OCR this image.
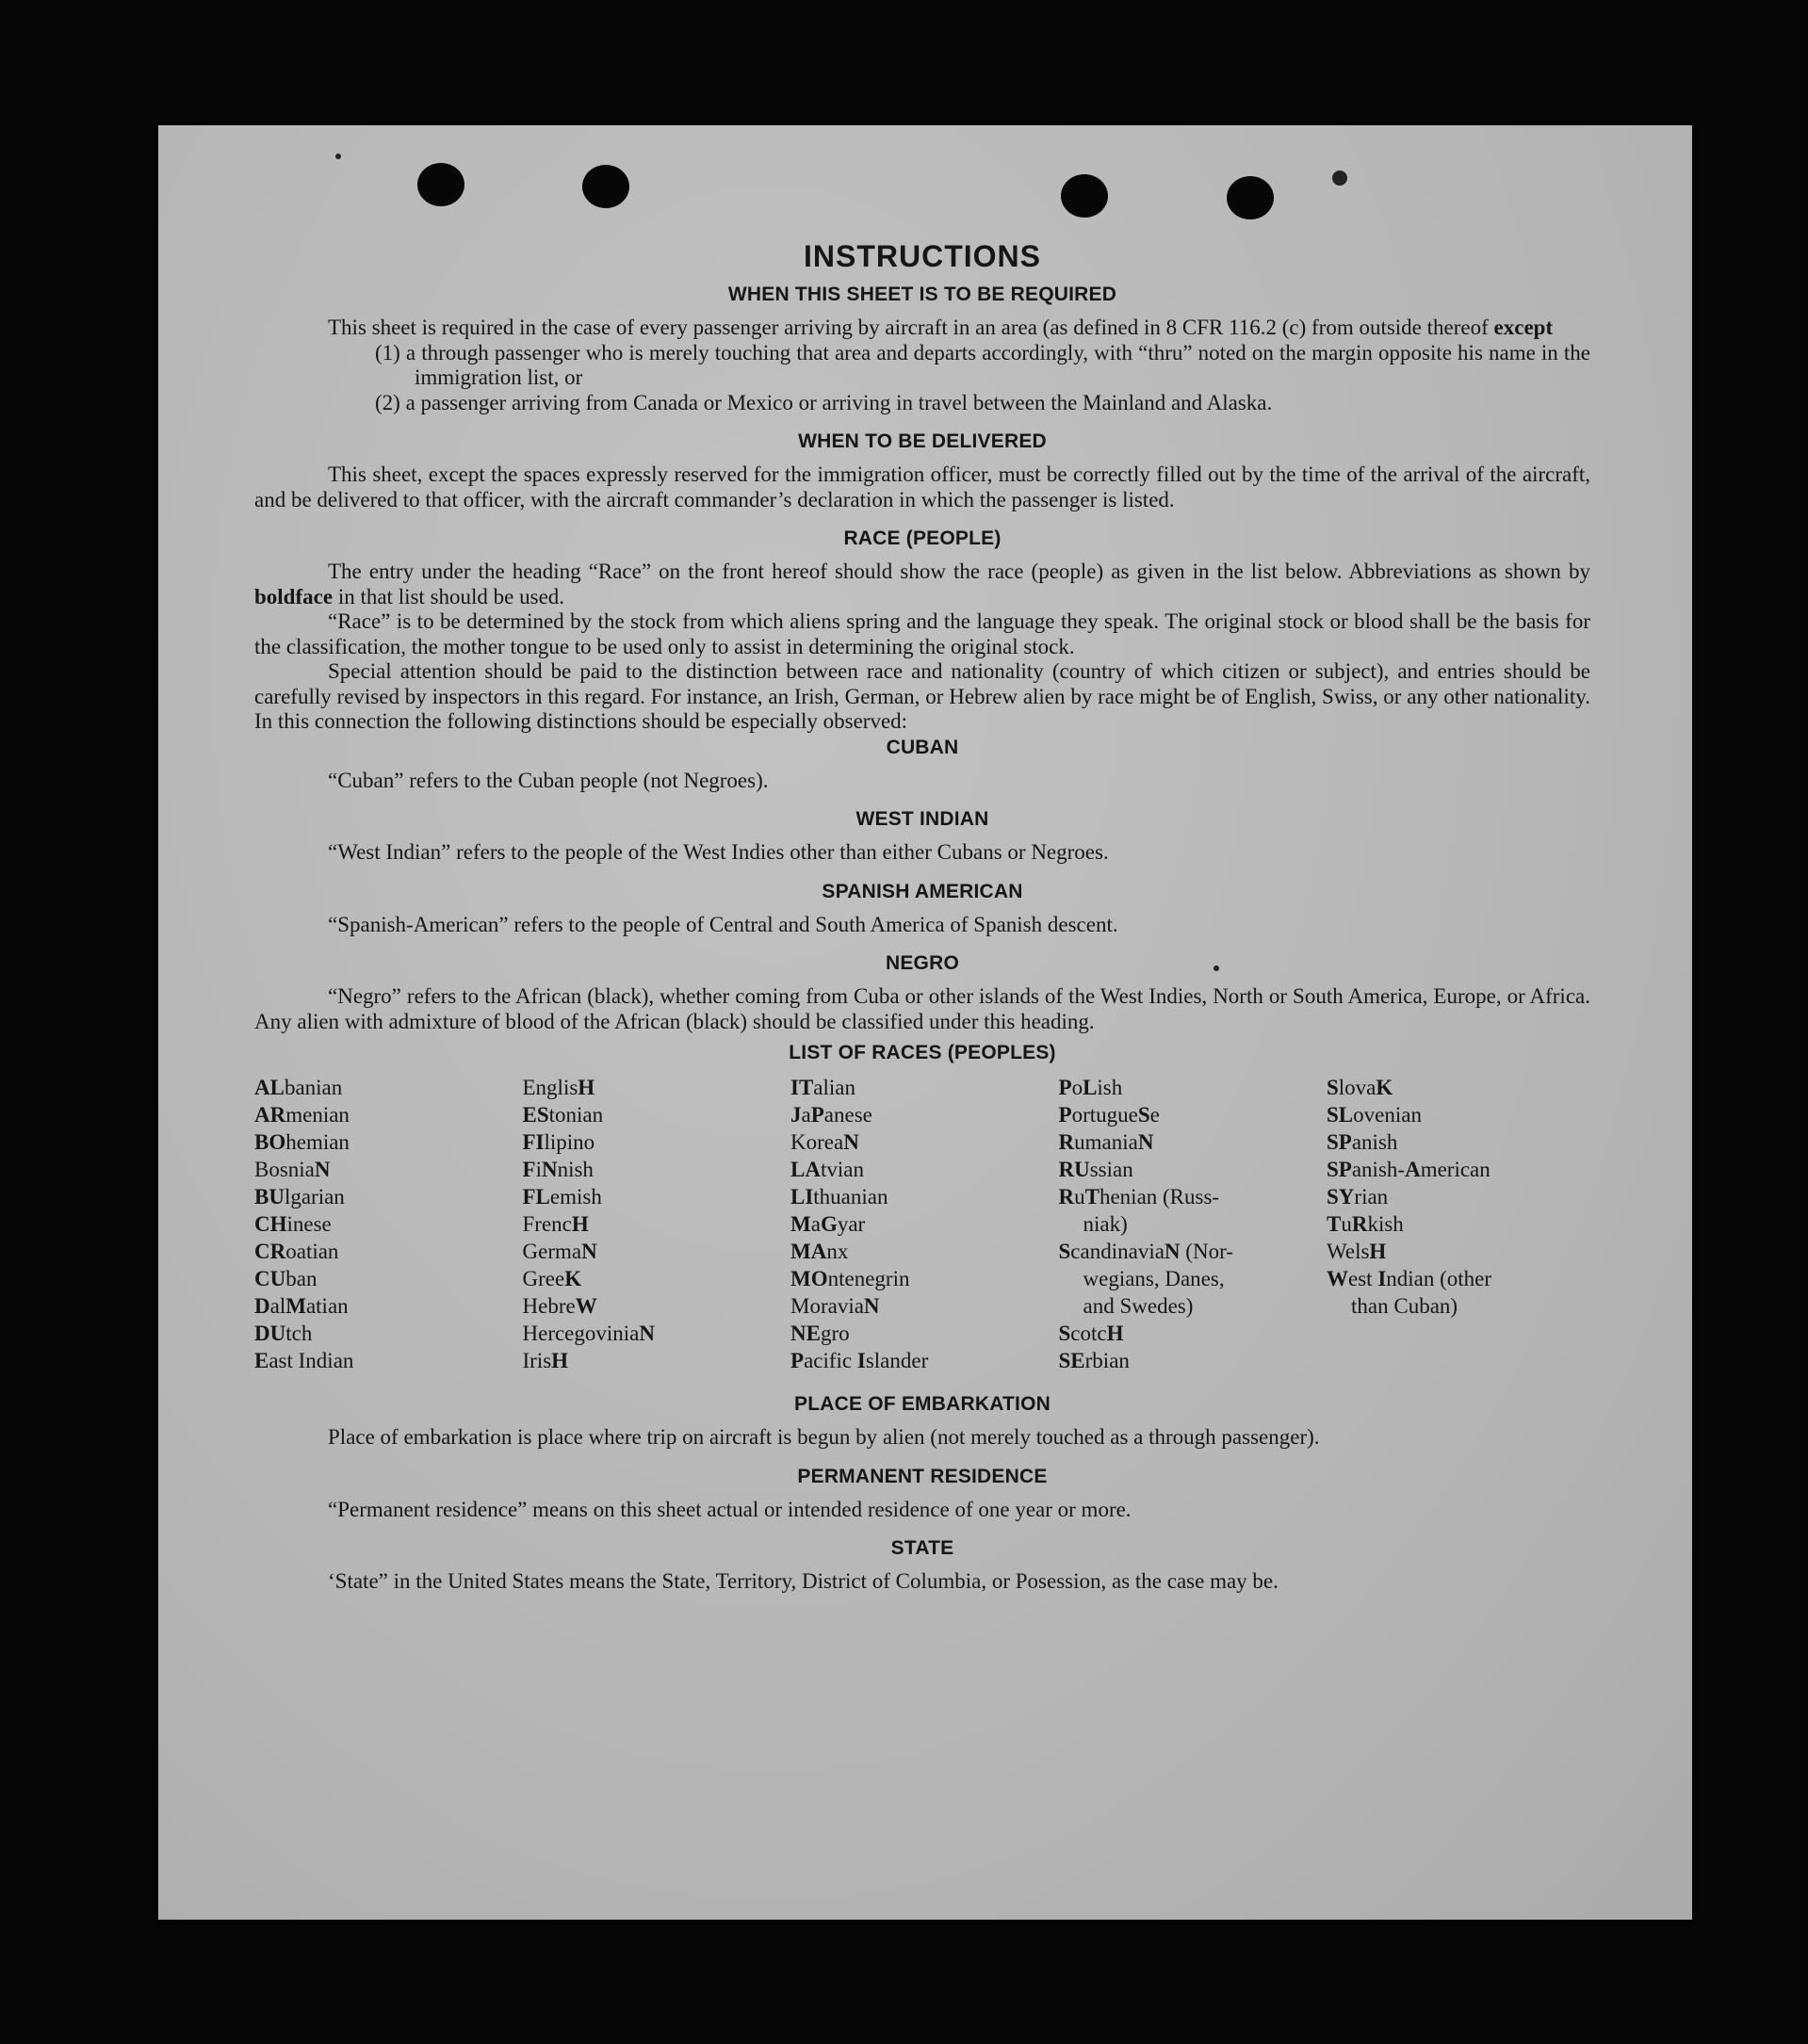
INSTRUCTIONS
WHEN THIS SHEET IS TO BE REQUIRED

This sheet is required in the case of every passenger arriving by aircraft in an area (as defined in 8 CFR 116.2 (c) from outside thereof except

(1) a through passenger who is merely touching that area and departs accordingly, with “thru” noted on the margin opposite his name in the immigration list, or

(2) a passenger arriving from Canada or Mexico or arriving in travel between the Mainland and Alaska.

WHEN TO BE DELIVERED

This sheet, except the spaces expressly reserved for the immigration officer, must be correctly filled out by the time of the arrival of the aircraft, and be delivered to that officer, with the aircraft commander’s declaration in which the passenger is listed.

RACE (PEOPLE)

The entry under the heading “Race” on the front hereof should show the race (people) as given in the list below. Abbreviations as shown by boldface in that list should be used.

“Race” is to be determined by the stock from which aliens spring and the language they speak. The original stock or blood shall be the basis for the classification, the mother tongue to be used only to assist in determining the original stock.

Special attention should be paid to the distinction between race and nationality (country of which citizen or subject), and entries should be carefully revised by inspectors in this regard. For instance, an Irish, German, or Hebrew alien by race might be of English, Swiss, or any other nationality. In this connection the following distinctions should be especially observed:

CUBAN

“Cuban” refers to the Cuban people (not Negroes).

WEST INDIAN

“West Indian” refers to the people of the West Indies other than either Cubans or Negroes.

SPANISH AMERICAN

“Spanish-American” refers to the people of Central and South America of Spanish descent.

NEGRO

“Negro” refers to the African (black), whether coming from Cuba or other islands of the West Indies, North or South America, Europe, or Africa. Any alien with admixture of blood of the African (black) should be classified under this heading.

LIST OF RACES (PEOPLES)
ALbanian
ARmenian
BOhemian
BosniaN
BUlgarian
CHinese
CRoatian
CUban
DalMatian
DUtch
East Indian
EnglisH
EStonian
FIlipino
FiNnish
FLemish
FrencH
GermaN
GreeK
HebreW
HercegoviniaN
IrisH
ITalian
JaPanese
KoreaN
LAtvian
LIthuanian
MaGyar
MAnx
MOntenegrin
MoraviaN
NEgro
Pacific Islander
PoLish
PortugueSe
RumaniaN
RUssian
RuThenian (Russ-
niak)
ScandinaviaN (Nor-
wegians, Danes,
and Swedes)
ScotcH
SErbian
SlovaK
SLovenian
SPanish
SPanish-American
SYrian
TuRkish
WelsH
West Indian (other
than Cuban)
PLACE OF EMBARKATION

Place of embarkation is place where trip on aircraft is begun by alien (not merely touched as a through passenger).

PERMANENT RESIDENCE

“Permanent residence” means on this sheet actual or intended residence of one year or more.

STATE

‘State” in the United States means the State, Territory, District of Columbia, or Posession, as the case may be.
